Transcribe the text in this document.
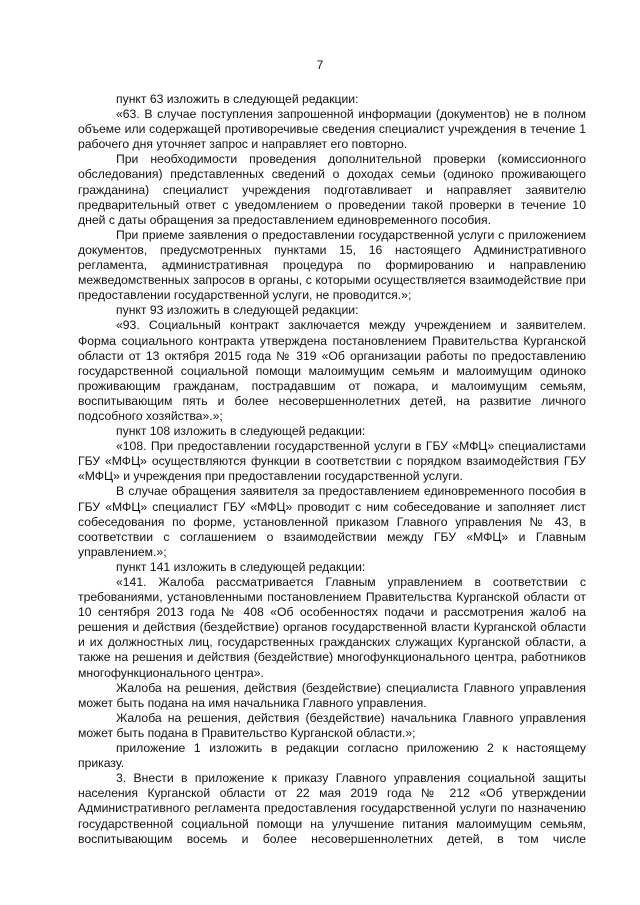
7

пункт 63 изложить в следующей редакции:

«63. В случае поступления запрошенной информации (документов) не в полном объеме или содержащей противоречивые сведения специалист учреждения в течение 1 рабочего дня уточняет запрос и направляет его повторно.

При необходимости проведения дополнительной проверки (комиссионного обследования) представленных сведений о доходах семьи (одиноко проживающего гражданина) специалист учреждения подготавливает и направляет заявителю предварительный ответ с уведомлением о проведении такой проверки в течение 10 дней с даты обращения за предоставлением единовременного пособия.

При приеме заявления о предоставлении государственной услуги с приложением документов, предусмотренных пунктами 15, 16 настоящего Административного регламента, административная процедура по формированию и направлению межведомственных запросов в органы, с которыми осуществляется взаимодействие при предоставлении государственной услуги, не проводится.»;

пункт 93 изложить в следующей редакции:

«93. Социальный контракт заключается между учреждением и заявителем. Форма социального контракта утверждена постановлением Правительства Курганской области от 13 октября 2015 года № 319 «Об организации работы по предоставлению государственной социальной помощи малоимущим семьям и малоимущим одиноко проживающим гражданам, пострадавшим от пожара, и малоимущим семьям, воспитывающим пять и более несовершеннолетних детей, на развитие личного подсобного хозяйства».»;

пункт 108 изложить в следующей редакции:

«108. При предоставлении государственной услуги в ГБУ «МФЦ» специалистами ГБУ «МФЦ» осуществляются функции в соответствии с порядком взаимодействия ГБУ «МФЦ» и учреждения при предоставлении государственной услуги.

В случае обращения заявителя за предоставлением единовременного пособия в ГБУ «МФЦ» специалист ГБУ «МФЦ» проводит с ним собеседование и заполняет лист собеседования по форме, установленной приказом Главного управления № 43, в соответствии с соглашением о взаимодействии между ГБУ «МФЦ» и Главным управлением.»;

пункт 141 изложить в следующей редакции:

«141. Жалоба рассматривается Главным управлением в соответствии с требованиями, установленными постановлением Правительства Курганской области от 10 сентября 2013 года № 408 «Об особенностях подачи и рассмотрения жалоб на решения и действия (бездействие) органов государственной власти Курганской области и их должностных лиц, государственных гражданских служащих Курганской области, а также на решения и действия (бездействие) многофункционального центра, работников многофункционального центра».

Жалоба на решения, действия (бездействие) специалиста Главного управления может быть подана на имя начальника Главного управления.

Жалоба на решения, действия (бездействие) начальника Главного управления может быть подана в Правительство Курганской области.»;

приложение 1 изложить в редакции согласно приложению 2 к настоящему приказу.

3. Внести в приложение к приказу Главного управления социальной защиты населения Курганской области от 22 мая 2019 года № 212 «Об утверждении Административного регламента предоставления государственной услуги по назначению государственной социальной помощи на улучшение питания малоимущим семьям, воспитывающим восемь и более несовершеннолетних детей, в том числе
